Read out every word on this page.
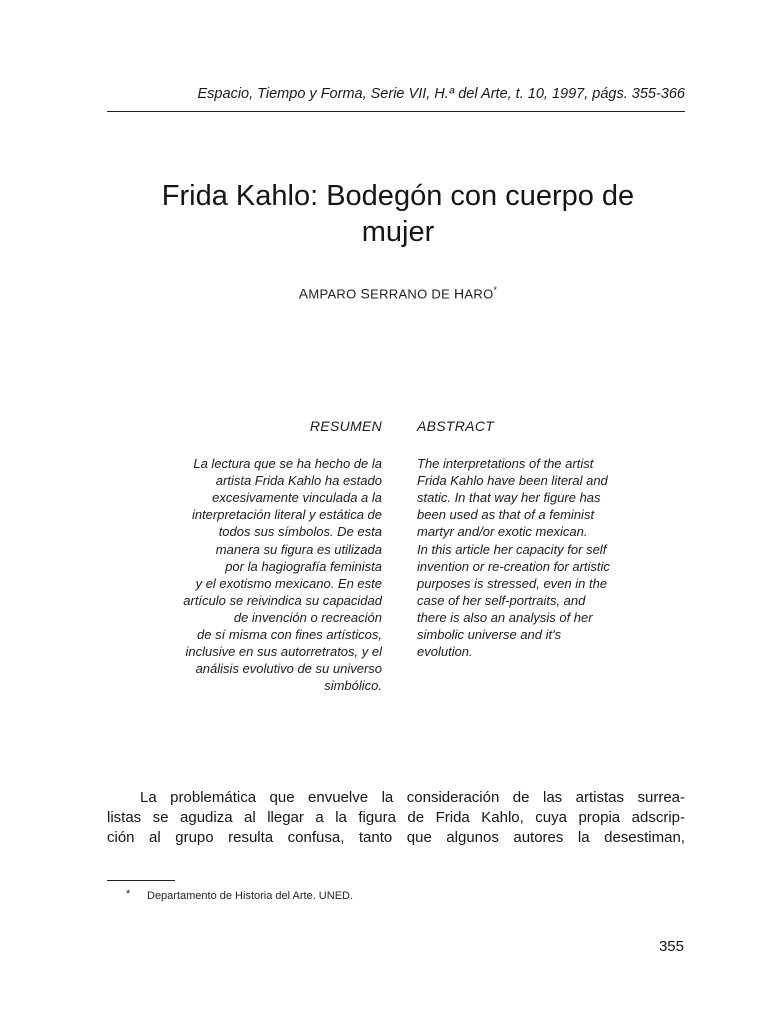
Espacio, Tiempo y Forma, Serie VII, H.ª del Arte, t. 10, 1997, págs. 355-366
Frida Kahlo: Bodegón con cuerpo de
mujer
AMPARO SERRANO DE HARO*
RESUMEN
La lectura que se ha hecho de la
artista Frida Kahlo ha estado
excesivamente vinculada a la
interpretación literal y estática de
todos sus símbolos. De esta
manera su figura es utilizada
por la hagiografía feminista
y el exotismo mexicano. En este
artículo se reivindica su capacidad
de invención o recreación
de sí misma con fines artísticos,
inclusive en sus autorretratos, y el
análisis evolutivo de su universo
simbólico.
ABSTRACT
The interpretations of the artist
Frida Kahlo have been literal and
static. In that way her figure has
been used as that of a feminist
martyr and/or exotic mexican.
In this article her capacity for self
invention or re-creation for artistic
purposes is stressed, even in the
case of her self-portraits, and
there is also an analysis of her
simbolic universe and it's
evolution.
La problemática que envuelve la consideración de las artistas surrea-
listas se agudiza al llegar a la figura de Frida Kahlo, cuya propia adscrip-
ción al grupo resulta confusa, tanto que algunos autores la desestiman,
* Departamento de Historia del Arte. UNED.
355
